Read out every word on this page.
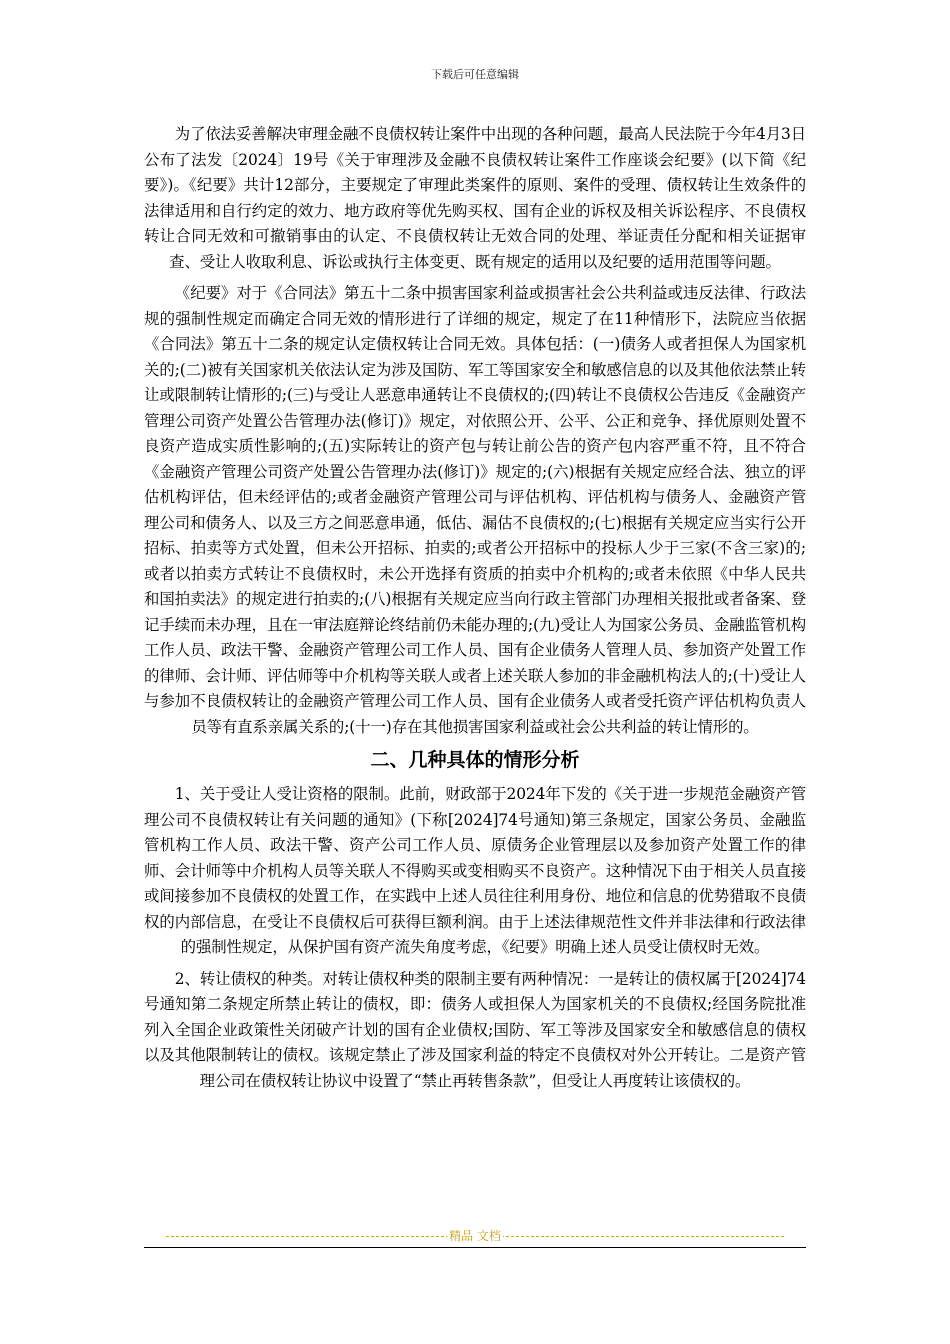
下载后可任意编辑

为了依法妥善解决审理金融不良债权转让案件中出现的各种问题，最高人民法院于今年4月3日公布了法发〔2024〕19号《关于审理涉及金融不良债权转让案件工作座谈会纪要》(以下简《纪要》)。《纪要》共计12部分，主要规定了审理此类案件的原则、案件的受理、债权转让生效条件的法律适用和自行约定的效力、地方政府等优先购买权、国有企业的诉权及相关诉讼程序、不良债权转让合同无效和可撤销事由的认定、不良债权转让无效合同的处理、举证责任分配和相关证据审查、受让人收取利息、诉讼或执行主体变更、既有规定的适用以及纪要的适用范围等问题。

《纪要》对于《合同法》第五十二条中损害国家利益或损害社会公共利益或违反法律、行政法规的强制性规定而确定合同无效的情形进行了详细的规定，规定了在11种情形下，法院应当依据《合同法》第五十二条的规定认定债权转让合同无效。具体包括：(一)债务人或者担保人为国家机关的;(二)被有关国家机关依法认定为涉及国防、军工等国家安全和敏感信息的以及其他依法禁止转让或限制转让情形的;(三)与受让人恶意串通转让不良债权的;(四)转让不良债权公告违反《金融资产管理公司资产处置公告管理办法(修订)》规定，对依照公开、公平、公正和竞争、择优原则处置不良资产造成实质性影响的;(五)实际转让的资产包与转让前公告的资产包内容严重不符，且不符合《金融资产管理公司资产处置公告管理办法(修订)》规定的;(六)根据有关规定应经合法、独立的评估机构评估，但未经评估的;或者金融资产管理公司与评估机构、评估机构与债务人、金融资产管理公司和债务人、以及三方之间恶意串通，低估、漏估不良债权的;(七)根据有关规定应当实行公开招标、拍卖等方式处置，但未公开招标、拍卖的;或者公开招标中的投标人少于三家(不含三家)的;或者以拍卖方式转让不良债权时，未公开选择有资质的拍卖中介机构的;或者未依照《中华人民共和国拍卖法》的规定进行拍卖的;(八)根据有关规定应当向行政主管部门办理相关报批或者备案、登记手续而未办理，且在一审法庭辩论终结前仍未能办理的;(九)受让人为国家公务员、金融监管机构工作人员、政法干警、金融资产管理公司工作人员、国有企业债务人管理人员、参加资产处置工作的律师、会计师、评估师等中介机构等关联人或者上述关联人参加的非金融机构法人的;(十)受让人与参加不良债权转让的金融资产管理公司工作人员、国有企业债务人或者受托资产评估机构负责人员等有直系亲属关系的;(十一)存在其他损害国家利益或社会公共利益的转让情形的。

二、几种具体的情形分析

1、关于受让人受让资格的限制。此前，财政部于2024年下发的《关于进一步规范金融资产管理公司不良债权转让有关问题的通知》(下称[2024]74号通知)第三条规定，国家公务员、金融监管机构工作人员、政法干警、资产公司工作人员、原债务企业管理层以及参加资产处置工作的律师、会计师等中介机构人员等关联人不得购买或变相购买不良资产。这种情况下由于相关人员直接或间接参加不良债权的处置工作，在实践中上述人员往往利用身份、地位和信息的优势猎取不良债权的内部信息，在受让不良债权后可获得巨额利润。由于上述法律规范性文件并非法律和行政法律的强制性规定，从保护国有资产流失角度考虑，《纪要》明确上述人员受让债权时无效。

2、转让债权的种类。对转让债权种类的限制主要有两种情况：一是转让的债权属于[2024]74号通知第二条规定所禁止转让的债权，即：债务人或担保人为国家机关的不良债权;经国务院批准列入全国企业政策性关闭破产计划的国有企业债权;国防、军工等涉及国家安全和敏感信息的债权以及其他限制转让的债权。该规定禁止了涉及国家利益的特定不良债权对外公开转让。二是资产管理公司在债权转让协议中设置了“禁止再转售条款”，但受让人再度转让该债权的。

精品 文档
